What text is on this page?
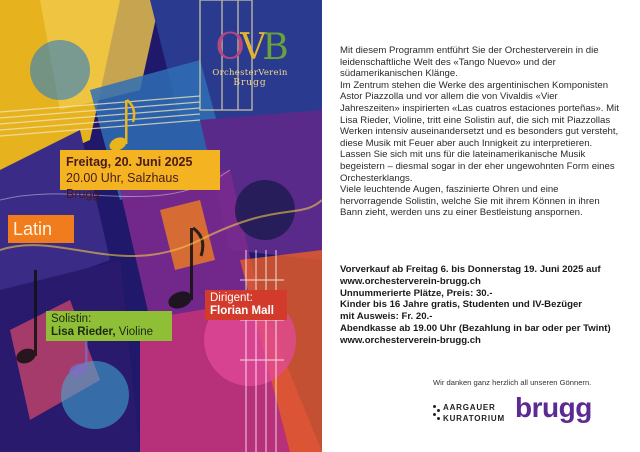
OVB
OrchesterVerein
Brugg
Freitag, 20. Juni 2025
20.00 Uhr, Salzhaus Brugg
Latin
Solistin:
Lisa Rieder, Violine
Dirigent:
Florian Mall

Mit diesem Programm entführt Sie der Orchesterverein in die leidenschaftliche Welt des «Tango Nuevo» und der südamerikanischen Klänge.

Im Zentrum stehen die Werke des argentinischen Komponisten Astor Piazzolla und vor allem die von Vivaldis «Vier Jahreszeiten» inspirierten «Las cuatros estaciones porteñas». Mit Lisa Rieder, Violine, tritt eine Solistin auf, die sich mit Piazzollas Werken intensiv auseinandersetzt und es besonders gut versteht, diese Musik mit Feuer aber auch Innigkeit zu interpretieren.

Lassen Sie sich mit uns für die lateinamerikanische Musik begeistern – diesmal sogar in der eher ungewohnten Form eines Orchesterklangs.

Viele leuchtende Augen, faszinierte Ohren und eine hervorragende Solistin, welche Sie mit ihrem Können in ihren Bann zieht, werden uns zu einer Bestleistung anspornen.

Vorverkauf ab Freitag 6. bis Donnerstag 19. Juni 2025 auf
www.orchesterverein-brugg.ch
Unnummerierte Plätze, Preis: 30.-
Kinder bis 16 Jahre gratis, Studenten und IV-Bezüger
mit Ausweis: Fr. 20.-
Abendkasse ab 19.00 Uhr (Bezahlung in bar oder per Twint)
www.orchesterverein-brugg.ch
Wir danken ganz herzlich all unseren Gönnern.
AARGAUER
KURATORIUM brugg
